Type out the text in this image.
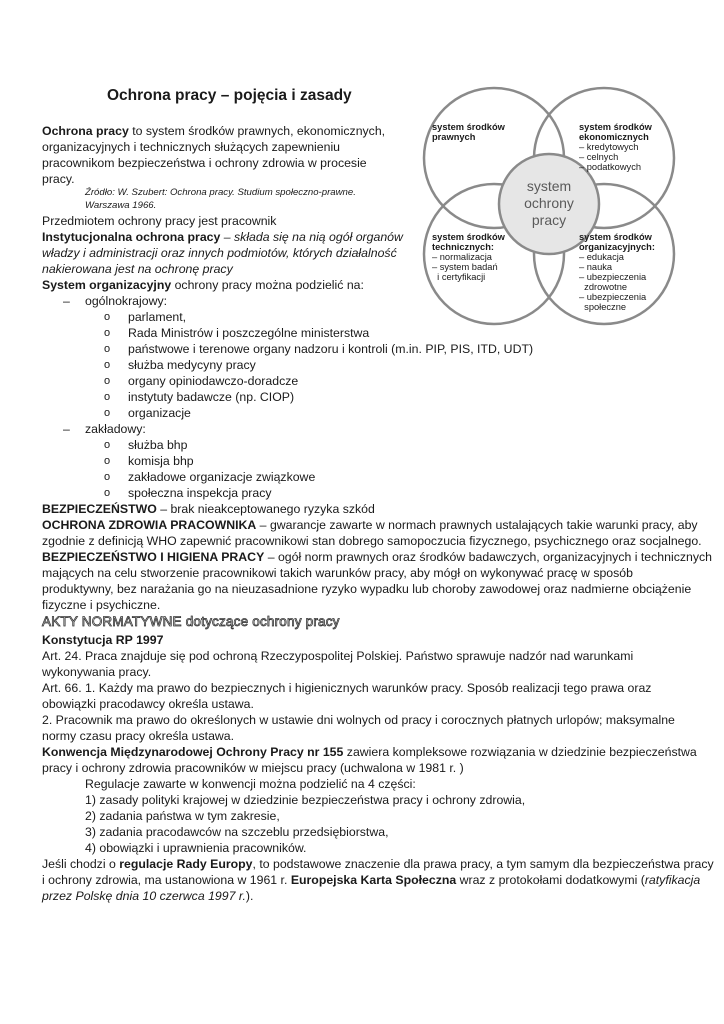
Ochrona pracy – pojęcia i zasady
system
ochrony
pracy
system środków
prawnych
system środków
ekonomicznych
system środków
technicznych:
system środków
organizacyjnych:
– kredytowych
– celnych
– podatkowych
– normalizacja
– system badań
i certyfikacji
– edukacja
– nauka
– ubezpieczenia
zdrowotne
– ubezpieczenia
społeczne
Ochrona pracy to system środków prawnych, ekonomicznych,
organizacyjnych i technicznych służących zapewnieniu
pracownikom bezpieczeństwa i ochrony zdrowia w procesie
pracy.
Źródło: W. Szubert: Ochrona pracy. Studium społeczno-prawne.
Warszawa 1966.
Przedmiotem ochrony pracy jest pracownik
Instytucjonalna ochrona pracy – składa się na nią ogół organów
władzy i administracji oraz innych podmiotów, których działalność
nakierowana jest na ochronę pracy
System organizacyjny ochrony pracy można podzielić na:
– ogólnokrajowy:
o parlament,
o Rada Ministrów i poszczególne ministerstwa
o państwowe i terenowe organy nadzoru i kontroli (m.in. PIP, PIS, ITD, UDT)
o służba medycyny pracy
o organy opiniodawczo-doradcze
o instytuty badawcze (np. CIOP)
o organizacje
– zakładowy:
o służba bhp
o komisja bhp
o zakładowe organizacje związkowe
o społeczna inspekcja pracy
BEZPIECZEŃSTWO – brak nieakceptowanego ryzyka szkód
OCHRONA ZDROWIA PRACOWNIKA – gwarancje zawarte w normach prawnych ustalających takie warunki pracy, aby
zgodnie z definicją WHO zapewnić pracownikowi stan dobrego samopoczucia fizycznego, psychicznego oraz socjalnego.
BEZPIECZEŃSTWO I HIGIENA PRACY – ogół norm prawnych oraz środków badawczych, organizacyjnych i technicznych
mających na celu stworzenie pracownikowi takich warunków pracy, aby mógł on wykonywać pracę w sposób
produktywny, bez narażania go na nieuzasadnione ryzyko wypadku lub choroby zawodowej oraz nadmierne obciążenie
fizyczne i psychiczne.
AKTY NORMATYWNE dotyczące ochrony pracy
Konstytucja RP 1997
Art. 24. Praca znajduje się pod ochroną Rzeczypospolitej Polskiej. Państwo sprawuje nadzór nad warunkami
wykonywania pracy.
Art. 66. 1. Każdy ma prawo do bezpiecznych i higienicznych warunków pracy. Sposób realizacji tego prawa oraz
obowiązki pracodawcy określa ustawa.
2. Pracownik ma prawo do określonych w ustawie dni wolnych od pracy i corocznych płatnych urlopów; maksymalne
normy czasu pracy określa ustawa.
Konwencja Międzynarodowej Ochrony Pracy nr 155 zawiera kompleksowe rozwiązania w dziedzinie bezpieczeństwa
pracy i ochrony zdrowia pracowników w miejscu pracy (uchwalona w 1981 r. )
Regulacje zawarte w konwencji można podzielić na 4 części:
1) zasady polityki krajowej w dziedzinie bezpieczeństwa pracy i ochrony zdrowia,
2) zadania państwa w tym zakresie,
3) zadania pracodawców na szczeblu przedsiębiorstwa,
4) obowiązki i uprawnienia pracowników.
Jeśli chodzi o regulacje Rady Europy, to podstawowe znaczenie dla prawa pracy, a tym samym dla bezpieczeństwa pracy
i ochrony zdrowia, ma ustanowiona w 1961 r. Europejska Karta Społeczna wraz z protokołami dodatkowymi (ratyfikacja
przez Polskę dnia 10 czerwca 1997 r.).
